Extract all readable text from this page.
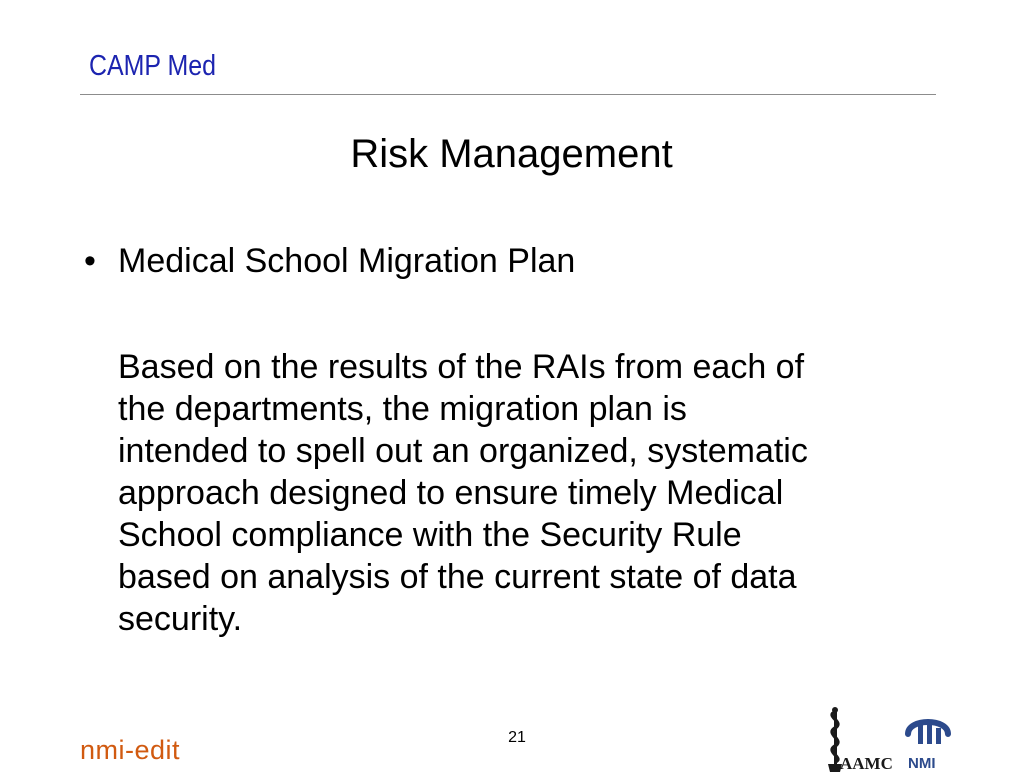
CAMP Med
Risk Management
• Medical School Migration Plan
Based on the results of the RAIs from each of
the departments, the migration plan is
intended to spell out an organized, systematic
approach designed to ensure timely Medical
School compliance with the Security Rule
based on analysis of the current state of data
security.
nmi-edit	21
AAMC NMI
